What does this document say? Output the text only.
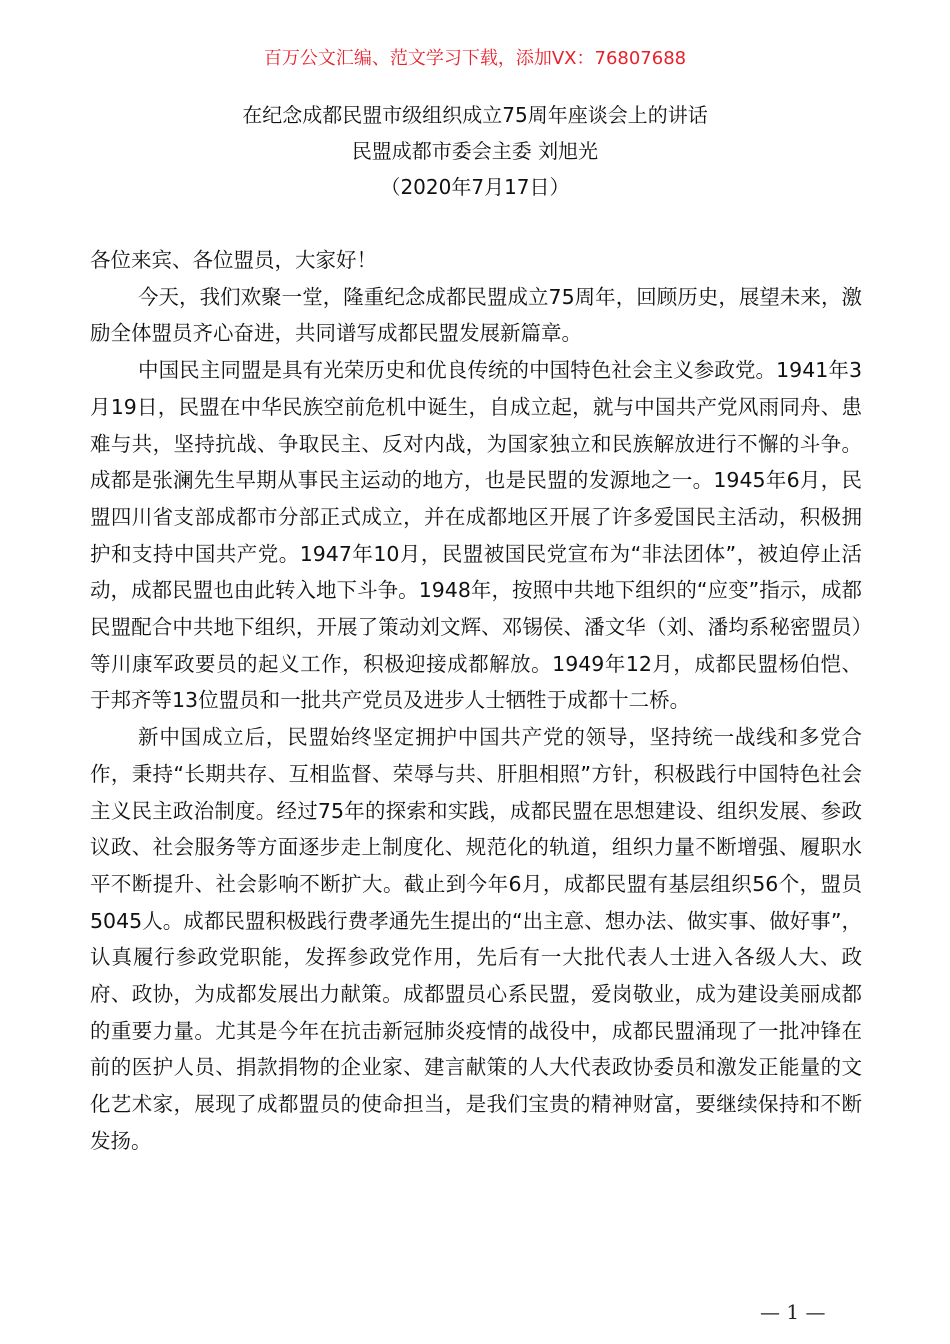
百万公文汇编、范文学习下载，添加VX：76807688
在纪念成都民盟市级组织成立75周年座谈会上的讲话
民盟成都市委会主委 刘旭光
（2020年7月17日）

各位来宾、各位盟员，大家好！

今天，我们欢聚一堂，隆重纪念成都民盟成立75周年，回顾历史，展望未来，激励全体盟员齐心奋进，共同谱写成都民盟发展新篇章。

中国民主同盟是具有光荣历史和优良传统的中国特色社会主义参政党。1941年3月19日，民盟在中华民族空前危机中诞生，自成立起，就与中国共产党风雨同舟、患难与共，坚持抗战、争取民主、反对内战，为国家独立和民族解放进行不懈的斗争。成都是张澜先生早期从事民主运动的地方，也是民盟的发源地之一。1945年6月，民盟四川省支部成都市分部正式成立，并在成都地区开展了许多爱国民主活动，积极拥护和支持中国共产党。1947年10月，民盟被国民党宣布为“非法团体”，被迫停止活动，成都民盟也由此转入地下斗争。1948年，按照中共地下组织的“应变”指示，成都民盟配合中共地下组织，开展了策动刘文辉、邓锡侯、潘文华（刘、潘均系秘密盟员）等川康军政要员的起义工作，积极迎接成都解放。1949年12月，成都民盟杨伯恺、于邦齐等13位盟员和一批共产党员及进步人士牺牲于成都十二桥。

新中国成立后，民盟始终坚定拥护中国共产党的领导，坚持统一战线和多党合作，秉持“长期共存、互相监督、荣辱与共、肝胆相照”方针，积极践行中国特色社会主义民主政治制度。经过75年的探索和实践，成都民盟在思想建设、组织发展、参政议政、社会服务等方面逐步走上制度化、规范化的轨道，组织力量不断增强、履职水平不断提升、社会影响不断扩大。截止到今年6月，成都民盟有基层组织56个，盟员5045人。成都民盟积极践行费孝通先生提出的“出主意、想办法、做实事、做好事”，认真履行参政党职能，发挥参政党作用，先后有一大批代表人士进入各级人大、政府、政协，为成都发展出力献策。成都盟员心系民盟，爱岗敬业，成为建设美丽成都的重要力量。尤其是今年在抗击新冠肺炎疫情的战役中，成都民盟涌现了一批冲锋在前的医护人员、捐款捐物的企业家、建言献策的人大代表政协委员和激发正能量的文化艺术家，展现了成都盟员的使命担当，是我们宝贵的精神财富，要继续保持和不断发扬。

— 1 —
